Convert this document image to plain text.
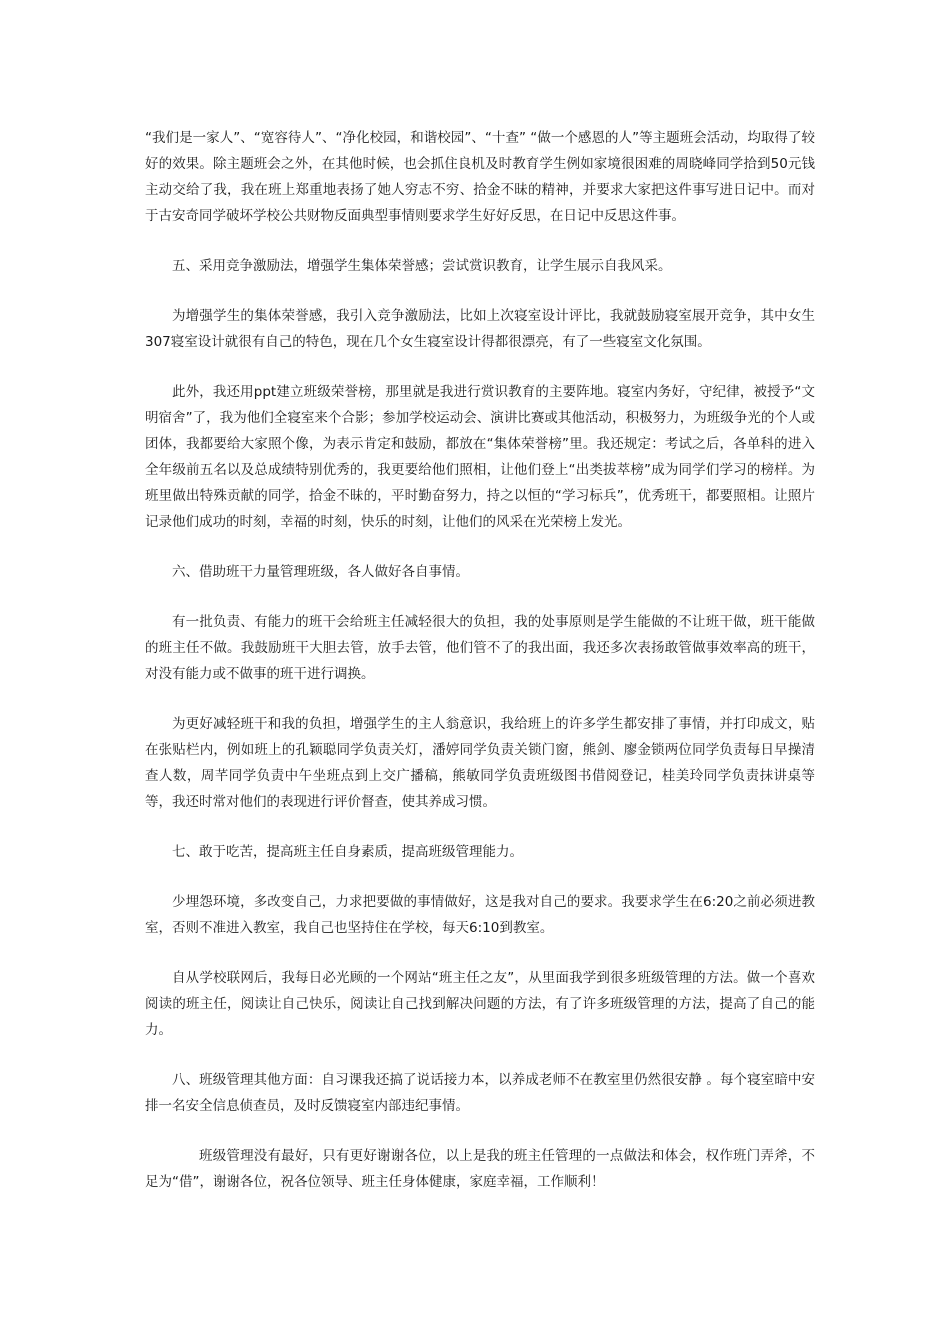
“我们是一家人”、“宽容待人”、“净化校园，和谐校园”、“十查” “做一个感恩的人”等主题班会活动，均取得了较好的效果。除主题班会之外，在其他时候，也会抓住良机及时教育学生例如家境很困难的周晓峰同学拾到50元钱主动交给了我，我在班上郑重地表扬了她人穷志不穷、拾金不昧的精神，并要求大家把这件事写进日记中。而对于古安奇同学破坏学校公共财物反面典型事情则要求学生好好反思，在日记中反思这件事。

五、采用竞争激励法，增强学生集体荣誉感；尝试赏识教育，让学生展示自我风采。

为增强学生的集体荣誉感，我引入竞争激励法，比如上次寝室设计评比，我就鼓励寝室展开竞争，其中女生307寝室设计就很有自己的特色，现在几个女生寝室设计得都很漂亮，有了一些寝室文化氛围。

此外，我还用ppt建立班级荣誉榜，那里就是我进行赏识教育的主要阵地。寝室内务好，守纪律，被授予“文明宿舍”了，我为他们全寝室来个合影；参加学校运动会、演讲比赛或其他活动，积极努力，为班级争光的个人或团体，我都要给大家照个像，为表示肯定和鼓励，都放在“集体荣誉榜”里。我还规定：考试之后，各单科的进入全年级前五名以及总成绩特别优秀的，我更要给他们照相，让他们登上“出类拔萃榜”成为同学们学习的榜样。为班里做出特殊贡献的同学，拾金不昧的，平时勤奋努力，持之以恒的“学习标兵”，优秀班干，都要照相。让照片记录他们成功的时刻，幸福的时刻，快乐的时刻，让他们的风采在光荣榜上发光。

六、借助班干力量管理班级，各人做好各自事情。

有一批负责、有能力的班干会给班主任减轻很大的负担，我的处事原则是学生能做的不让班干做，班干能做的班主任不做。我鼓励班干大胆去管，放手去管，他们管不了的我出面，我还多次表扬敢管做事效率高的班干，对没有能力或不做事的班干进行调换。

为更好减轻班干和我的负担，增强学生的主人翁意识，我给班上的许多学生都安排了事情，并打印成文，贴在张贴栏内，例如班上的孔颖聪同学负责关灯，潘婷同学负责关锁门窗，熊剑、廖金锁两位同学负责每日早操清查人数，周芊同学负责中午坐班点到上交广播稿，熊敏同学负责班级图书借阅登记，桂美玲同学负责抹讲桌等等，我还时常对他们的表现进行评价督查，使其养成习惯。

七、敢于吃苦，提高班主任自身素质，提高班级管理能力。

少埋怨环境，多改变自己，力求把要做的事情做好，这是我对自己的要求。我要求学生在6:20之前必须进教室，否则不准进入教室，我自己也坚持住在学校，每天6:10到教室。

自从学校联网后，我每日必光顾的一个网站“班主任之友”，从里面我学到很多班级管理的方法。做一个喜欢阅读的班主任，阅读让自己快乐，阅读让自己找到解决问题的方法，有了许多班级管理的方法，提高了自己的能力。

八、班级管理其他方面：自习课我还搞了说话接力本，以养成老师不在教室里仍然很安静 。每个寝室暗中安排一名安全信息侦查员，及时反馈寝室内部违纪事情。

班级管理没有最好，只有更好谢谢各位，以上是我的班主任管理的一点做法和体会，权作班门弄斧，不足为“借”，谢谢各位，祝各位领导、班主任身体健康，家庭幸福，工作顺利！
